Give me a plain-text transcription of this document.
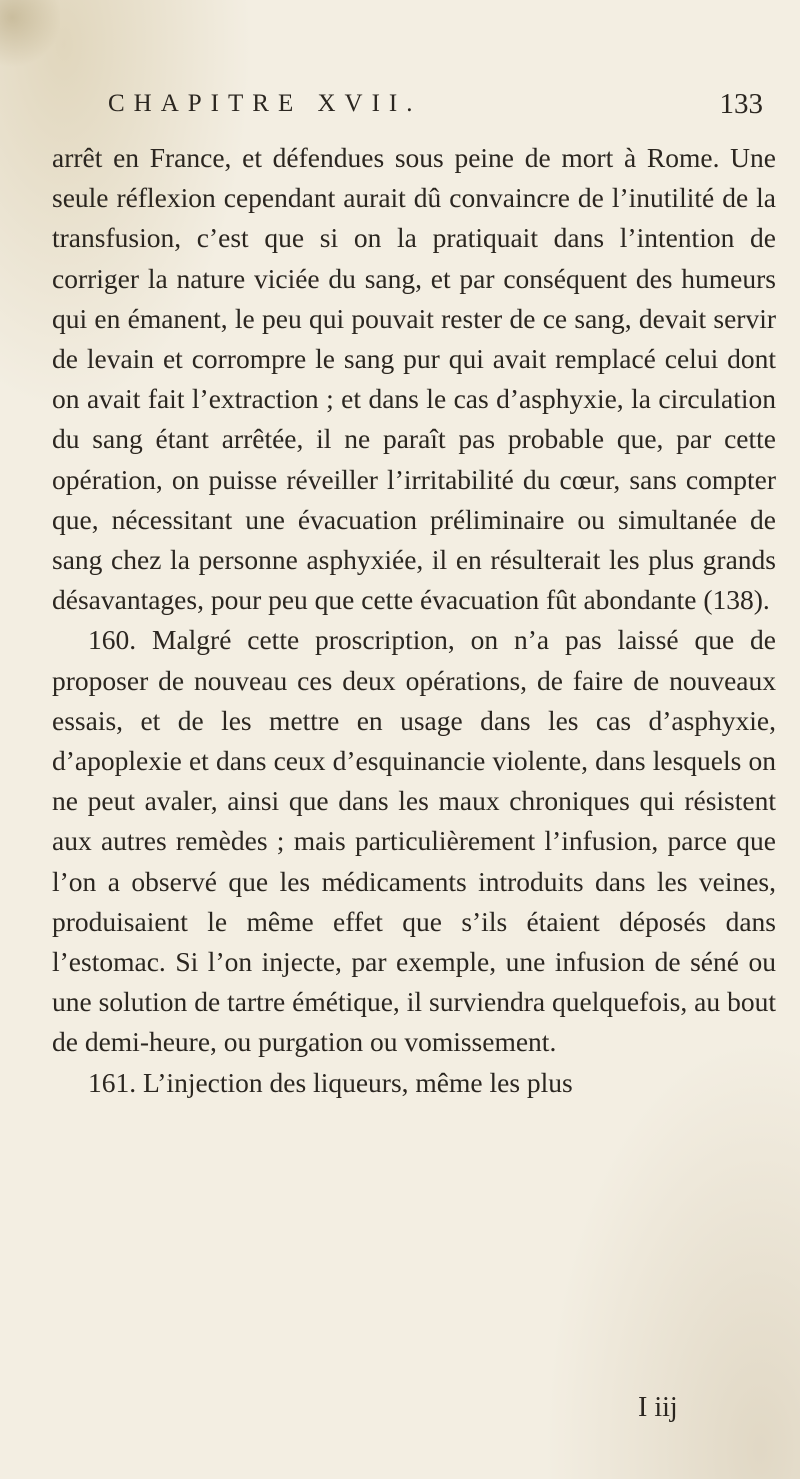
CHAPITRE XVII.	133

arrêt en France, et défendues sous peine de mort à Rome. Une seule réflexion cependant aurait dû convaincre de l’inutilité de la transfusion, c’est que si on la pratiquait dans l’intention de corriger la nature viciée du sang, et par conséquent des humeurs qui en émanent, le peu qui pouvait rester de ce sang, devait servir de levain et corrompre le sang pur qui avait remplacé celui dont on avait fait l’extraction ; et dans le cas d’asphyxie, la circulation du sang étant arrêtée, il ne paraît pas probable que, par cette opération, on puisse réveiller l’irritabilité du cœur, sans compter que, nécessitant une évacuation préliminaire ou simultanée de sang chez la personne asphyxiée, il en résulterait les plus grands désavantages, pour peu que cette évacuation fût abondante (138).

160. Malgré cette proscription, on n’a pas laissé que de proposer de nouveau ces deux opérations, de faire de nouveaux essais, et de les mettre en usage dans les cas d’asphyxie, d’apoplexie et dans ceux d’esquinancie violente, dans lesquels on ne peut avaler, ainsi que dans les maux chroniques qui résistent aux autres remèdes ; mais particulièrement l’infusion, parce que l’on a observé que les médicaments introduits dans les veines, produisaient le même effet que s’ils étaient déposés dans l’estomac. Si l’on injecte, par exemple, une infusion de séné ou une solution de tartre émétique, il surviendra quelquefois, au bout de demi-heure, ou purgation ou vomissement.

161. L’injection des liqueurs, même les plus

I iij
